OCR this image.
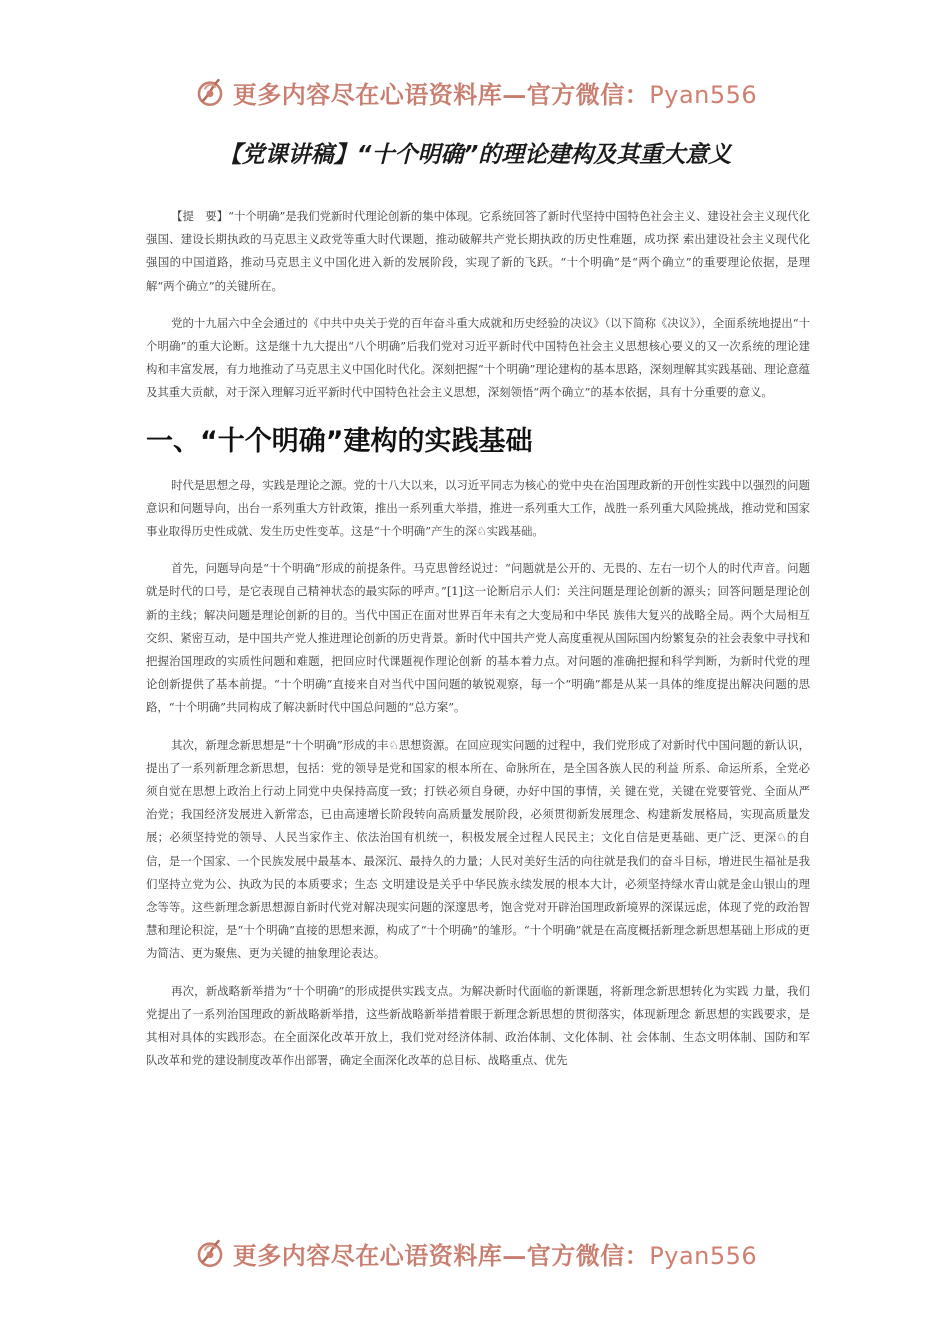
更多内容尽在心语资料库—官方微信：Pyan556
【党课讲稿】“十个明确”的理论建构及其重大意义

【提　要】“十个明确”是我们党新时代理论创新的集中体现。它系统回答了新时代坚持中国特色社会主义、建设社会主义现代化强国、建设长期执政的马克思主义政党等重大时代课题，推动破解共产党长期执政的历史性难题，成功探 索出建设社会主义现代化强国的中国道路，推动马克思主义中国化进入新的发展阶段，实现了新的飞跃。“十个明确”是“两个确立”的重要理论依据，是理解“两个确立”的关键所在。

党的十九届六中全会通过的《中共中央关于党的百年奋斗重大成就和历史经验的决议》（以下简称《决议》），全面系统地提出“十个明确”的重大论断。这是继十九大提出“八个明确”后我们党对习近平新时代中国特色社会主义思想核心要义的又一次系统的理论建构和丰富发展，有力地推动了马克思主义中国化时代化。深刻把握“十个明确”理论建构的基本思路，深刻理解其实践基础、理论意蕴及其重大贡献，对于深入理解习近平新时代中国特色社会主义思想，深刻领悟“两个确立”的基本依据，具有十分重要的意义。

一、“十个明确”建构的实践基础

时代是思想之母，实践是理论之源。党的十八大以来，以习近平同志为核心的党中央在治国理政新的开创性实践中以强烈的问题意识和问题导向，出台一系列重大方针政策，推出一系列重大举措，推进一系列重大工作，战胜一系列重大风险挑战，推动党和国家事业取得历史性成就、发生历史性变革。这是“十个明确”产生的深♘实践基础。

首先，问题导向是“十个明确”形成的前提条件。马克思曾经说过：“问题就是公开的、无畏的、左右一切个人的时代声音。问题就是时代的口号，是它表现自己精神状态的最实际的呼声。”[1]这一论断启示人们：关注问题是理论创新的源头；回答问题是理论创新的主线；解决问题是理论创新的目的。当代中国正在面对世界百年未有之大变局和中华民 族伟大复兴的战略全局。两个大局相互交织、紧密互动，是中国共产党人推进理论创新的历史背景。新时代中国共产党人高度重视从国际国内纷繁复杂的社会表象中寻找和把握治国理政的实质性问题和难题，把回应时代课题视作理论创新 的基本着力点。对问题的准确把握和科学判断，为新时代党的理论创新提供了基本前提。“十个明确”直接来自对当代中国问题的敏锐观察，每一个“明确”都是从某一具体的维度提出解决问题的思路，“十个明确”共同构成了解决新时代中国总问题的“总方案”。

其次，新理念新思想是“十个明确”形成的丰♘思想资源。在回应现实问题的过程中，我们党形成了对新时代中国问题的新认识，提出了一系列新理念新思想，包括：党的领导是党和国家的根本所在、命脉所在，是全国各族人民的利益 所系、命运所系，全党必须自觉在思想上政治上行动上同党中央保持高度一致；打铁必须自身硬，办好中国的事情，关 键在党，关键在党要管党、全面从严治党；我国经济发展进入新常态，已由高速增长阶段转向高质量发展阶段，必须贯彻新发展理念、构建新发展格局，实现高质量发展；必须坚持党的领导、人民当家作主、依法治国有机统一，积极发展全过程人民民主；文化自信是更基础、更广泛、更深♘的自信，是一个国家、一个民族发展中最基本、最深沉、最持久的力量；人民对美好生活的向往就是我们的奋斗目标，增进民生福祉是我们坚持立党为公、执政为民的本质要求；生态 文明建设是关乎中华民族永续发展的根本大计，必须坚持绿水青山就是金山银山的理念等等。这些新理念新思想源自新时代党对解决现实问题的深邃思考，饱含党对开辟治国理政新境界的深谋远虑，体现了党的政治智慧和理论积淀，是“十个明确”直接的思想来源，构成了“十个明确”的雏形。“十个明确”就是在高度概括新理念新思想基础上形成的更为简洁、更为聚焦、更为关键的抽象理论表达。

再次，新战略新举措为“十个明确”的形成提供实践支点。为解决新时代面临的新课题，将新理念新思想转化为实践 力量，我们党提出了一系列治国理政的新战略新举措，这些新战略新举措着眼于新理念新思想的贯彻落实，体现新理念 新思想的实践要求，是其相对具体的实践形态。在全面深化改革开放上，我们党对经济体制、政治体制、文化体制、社 会体制、生态文明体制、国防和军队改革和党的建设制度改革作出部署，确定全面深化改革的总目标、战略重点、优先

更多内容尽在心语资料库—官方微信：Pyan556
